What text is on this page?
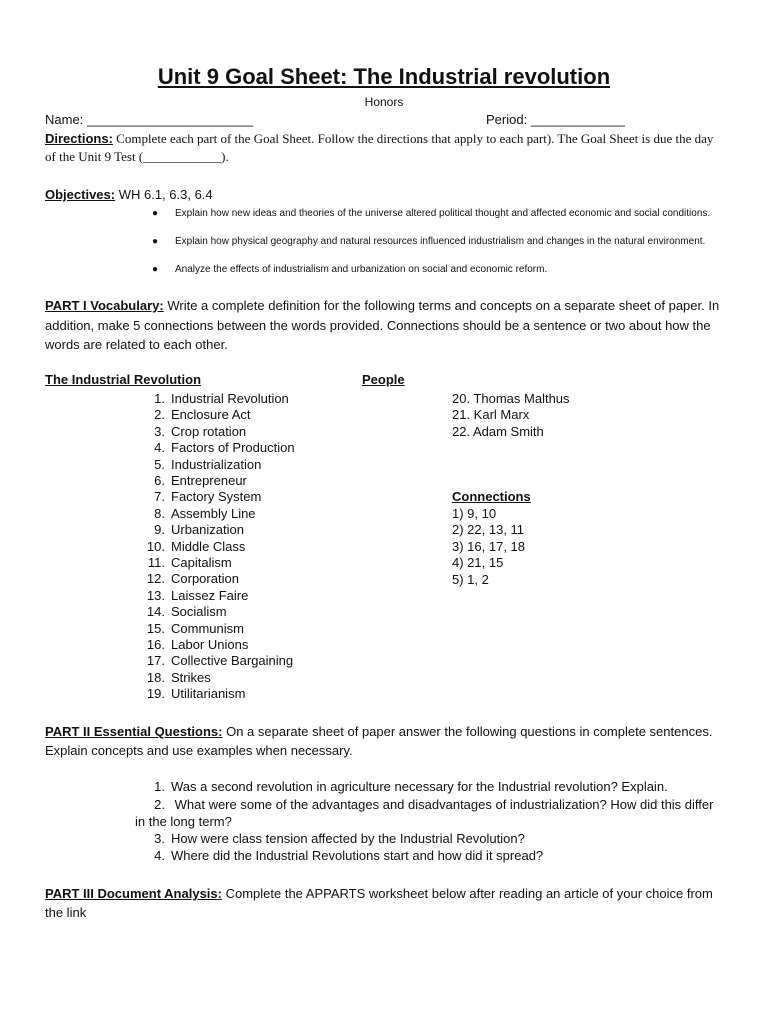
Unit 9 Goal Sheet: The Industrial revolution
Honors
Name: _______________________	Period: _____________
Directions: Complete each part of the Goal Sheet. Follow the directions that apply to each part). The Goal Sheet is due the day of the Unit 9 Test (____________).
Objectives: WH 6.1, 6.3, 6.4
● Explain how new ideas and theories of the universe altered political thought and affected economic and social conditions.
● Explain how physical geography and natural resources influenced industrialism and changes in the natural environment.
● Analyze the effects of industrialism and urbanization on social and economic reform.
PART I Vocabulary: Write a complete definition for the following terms and concepts on a separate sheet of paper. In addition, make 5 connections between the words provided. Connections should be a sentence or two about how the words are related to each other.
The Industrial Revolution	People
1. Industrial Revolution
2. Enclosure Act
3. Crop rotation
4. Factors of Production
5. Industrialization
6. Entrepreneur
7. Factory System
8. Assembly Line
9. Urbanization
10. Middle Class
11. Capitalism
12. Corporation
13. Laissez Faire
14. Socialism
15. Communism
16. Labor Unions
17. Collective Bargaining
18. Strikes
19. Utilitarianism
20. Thomas Malthus
21. Karl Marx
22. Adam Smith
Connections
1) 9, 10
2) 22, 13, 11
3) 16, 17, 18
4) 21, 15
5) 1, 2
PART II Essential Questions: On a separate sheet of paper answer the following questions in complete sentences. Explain concepts and use examples when necessary.
1. Was a second revolution in agriculture necessary for the Industrial revolution? Explain.
2. What were some of the advantages and disadvantages of industrialization? How did this differ in the long term?
3. How were class tension affected by the Industrial Revolution?
4. Where did the Industrial Revolutions start and how did it spread?
PART III Document Analysis: Complete the APPARTS worksheet below after reading an article of your choice from the link
